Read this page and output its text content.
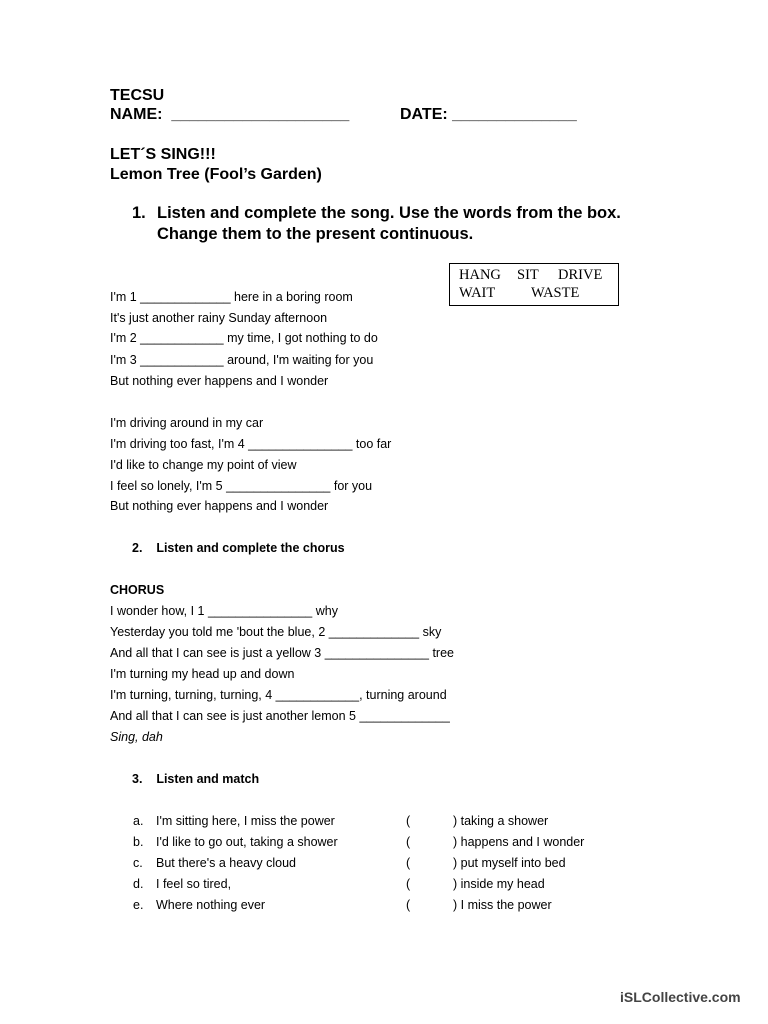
TECSU
NAME:  ____________________	DATE: ______________
LET´S SING!!!
Lemon Tree (Fool’s Garden)
1. Listen and complete the song. Use the words from the box. Change them to the present continuous.
HANG SIT DRIVE
WAIT WASTE
I'm 1 _____________ here in a boring room
It's just another rainy Sunday afternoon
I'm 2 ____________ my time, I got nothing to do
I'm 3 ____________ around, I'm waiting for you
But nothing ever happens and I wonder
I'm driving around in my car
I'm driving too fast, I'm 4 _______________ too far
I'd like to change my point of view
I feel so lonely, I'm 5 _______________ for you
But nothing ever happens and I wonder
2.    Listen and complete the chorus
CHORUS
I wonder how, I 1 _______________ why
Yesterday you told me 'bout the blue, 2 _____________ sky
And all that I can see is just a yellow 3 _______________ tree
I'm turning my head up and down
I'm turning, turning, turning, 4 ____________, turning around
And all that I can see is just another lemon 5 _____________
Sing, dah
3.    Listen and match
a. I'm sitting here, I miss the power	(	) taking a shower
b. I'd like to go out, taking a shower	(	) happens and I wonder
c. But there's a heavy cloud	(	) put myself into bed
d. I feel so tired,	(	) inside my head
e. Where nothing ever	(	) I miss the power
iSLCollective.com
